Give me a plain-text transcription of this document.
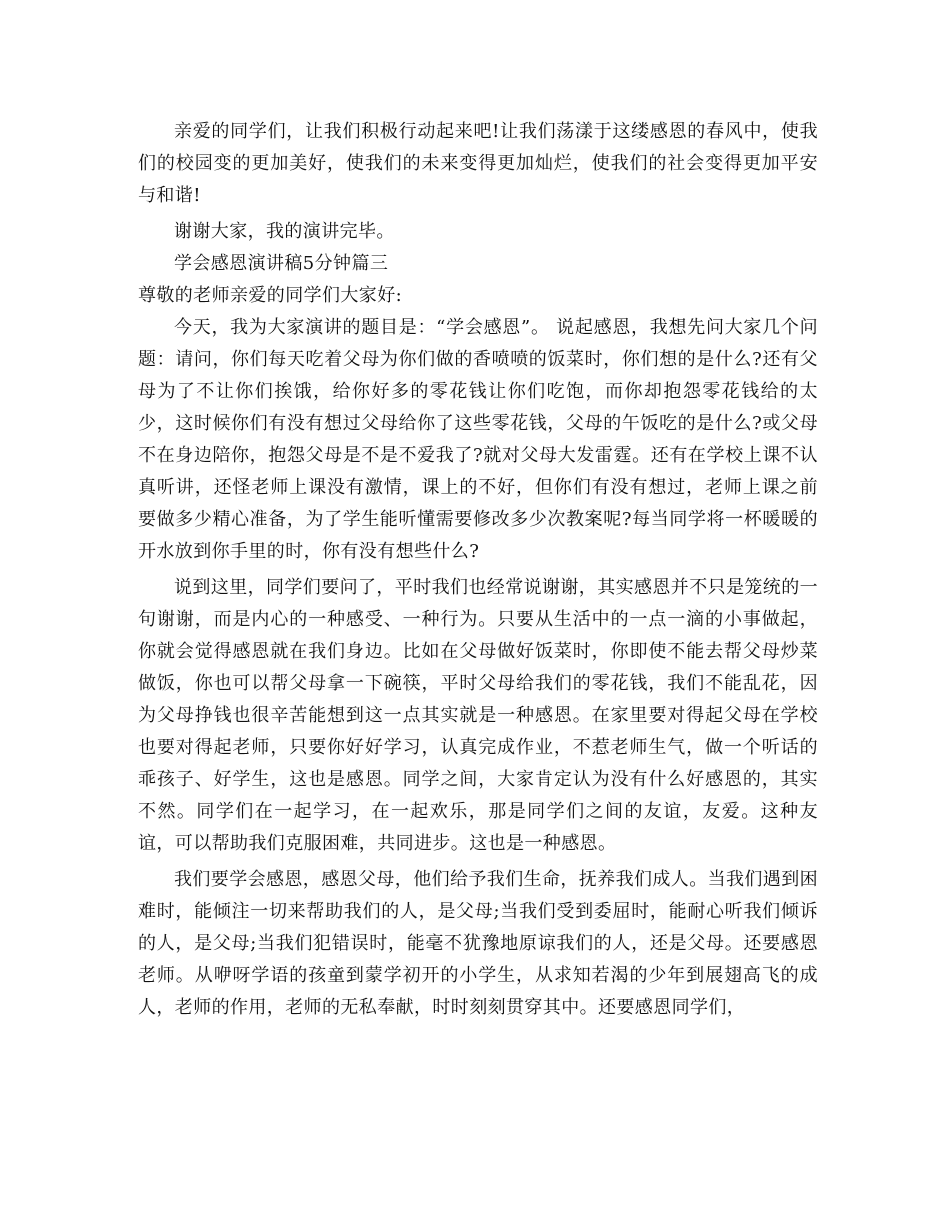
亲爱的同学们，让我们积极行动起来吧!让我们荡漾于这缕感恩的春风中，使我们的校园变的更加美好，使我们的未来变得更加灿烂，使我们的社会变得更加平安与和谐!

谢谢大家，我的演讲完毕。

学会感恩演讲稿5分钟篇三

尊敬的老师亲爱的同学们大家好:

今天，我为大家演讲的题目是：“学会感恩”。 说起感恩，我想先问大家几个问题：请问，你们每天吃着父母为你们做的香喷喷的饭菜时，你们想的是什么?还有父母为了不让你们挨饿，给你好多的零花钱让你们吃饱，而你却抱怨零花钱给的太少，这时候你们有没有想过父母给你了这些零花钱，父母的午饭吃的是什么?或父母不在身边陪你，抱怨父母是不是不爱我了?就对父母大发雷霆。还有在学校上课不认真听讲，还怪老师上课没有激情，课上的不好，但你们有没有想过，老师上课之前要做多少精心准备，为了学生能听懂需要修改多少次教案呢?每当同学将一杯暖暖的开水放到你手里的时，你有没有想些什么?

说到这里，同学们要问了，平时我们也经常说谢谢，其实感恩并不只是笼统的一句谢谢，而是内心的一种感受、一种行为。只要从生活中的一点一滴的小事做起，你就会觉得感恩就在我们身边。比如在父母做好饭菜时，你即使不能去帮父母炒菜做饭，你也可以帮父母拿一下碗筷，平时父母给我们的零花钱，我们不能乱花，因为父母挣钱也很辛苦能想到这一点其实就是一种感恩。在家里要对得起父母在学校也要对得起老师，只要你好好学习，认真完成作业，不惹老师生气，做一个听话的乖孩子、好学生，这也是感恩。同学之间，大家肯定认为没有什么好感恩的，其实不然。同学们在一起学习，在一起欢乐，那是同学们之间的友谊，友爱。这种友谊，可以帮助我们克服困难，共同进步。这也是一种感恩。

我们要学会感恩，感恩父母，他们给予我们生命，抚养我们成人。当我们遇到困难时，能倾注一切来帮助我们的人，是父母;当我们受到委屈时，能耐心听我们倾诉的人，是父母;当我们犯错误时，能毫不犹豫地原谅我们的人，还是父母。还要感恩老师。从咿呀学语的孩童到蒙学初开的小学生，从求知若渴的少年到展翅高飞的成人，老师的作用，老师的无私奉献，时时刻刻贯穿其中。还要感恩同学们，
